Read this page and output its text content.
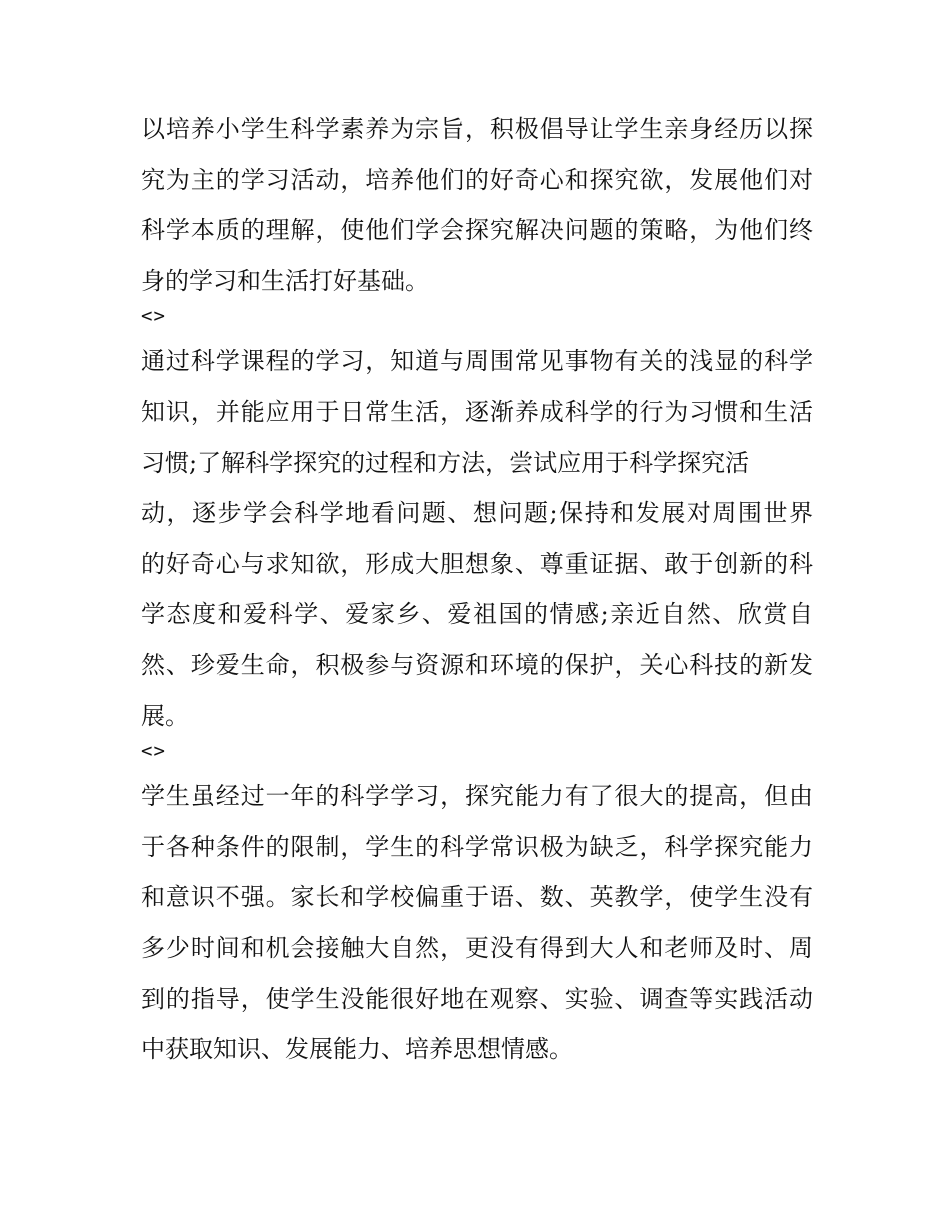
以培养小学生科学素养为宗旨，积极倡导让学生亲身经历以探
究为主的学习活动，培养他们的好奇心和探究欲，发展他们对
科学本质的理解，使他们学会探究解决问题的策略，为他们终
身的学习和生活打好基础。
<>
通过科学课程的学习，知道与周围常见事物有关的浅显的科学
知识，并能应用于日常生活，逐渐养成科学的行为习惯和生活
习惯;了解科学探究的过程和方法，尝试应用于科学探究活
动，逐步学会科学地看问题、想问题;保持和发展对周围世界
的好奇心与求知欲，形成大胆想象、尊重证据、敢于创新的科
学态度和爱科学、爱家乡、爱祖国的情感;亲近自然、欣赏自
然、珍爱生命，积极参与资源和环境的保护，关心科技的新发
展。
<>
学生虽经过一年的科学学习，探究能力有了很大的提高，但由
于各种条件的限制，学生的科学常识极为缺乏，科学探究能力
和意识不强。家长和学校偏重于语、数、英教学，使学生没有
多少时间和机会接触大自然，更没有得到大人和老师及时、周
到的指导，使学生没能很好地在观察、实验、调查等实践活动
中获取知识、发展能力、培养思想情感。
